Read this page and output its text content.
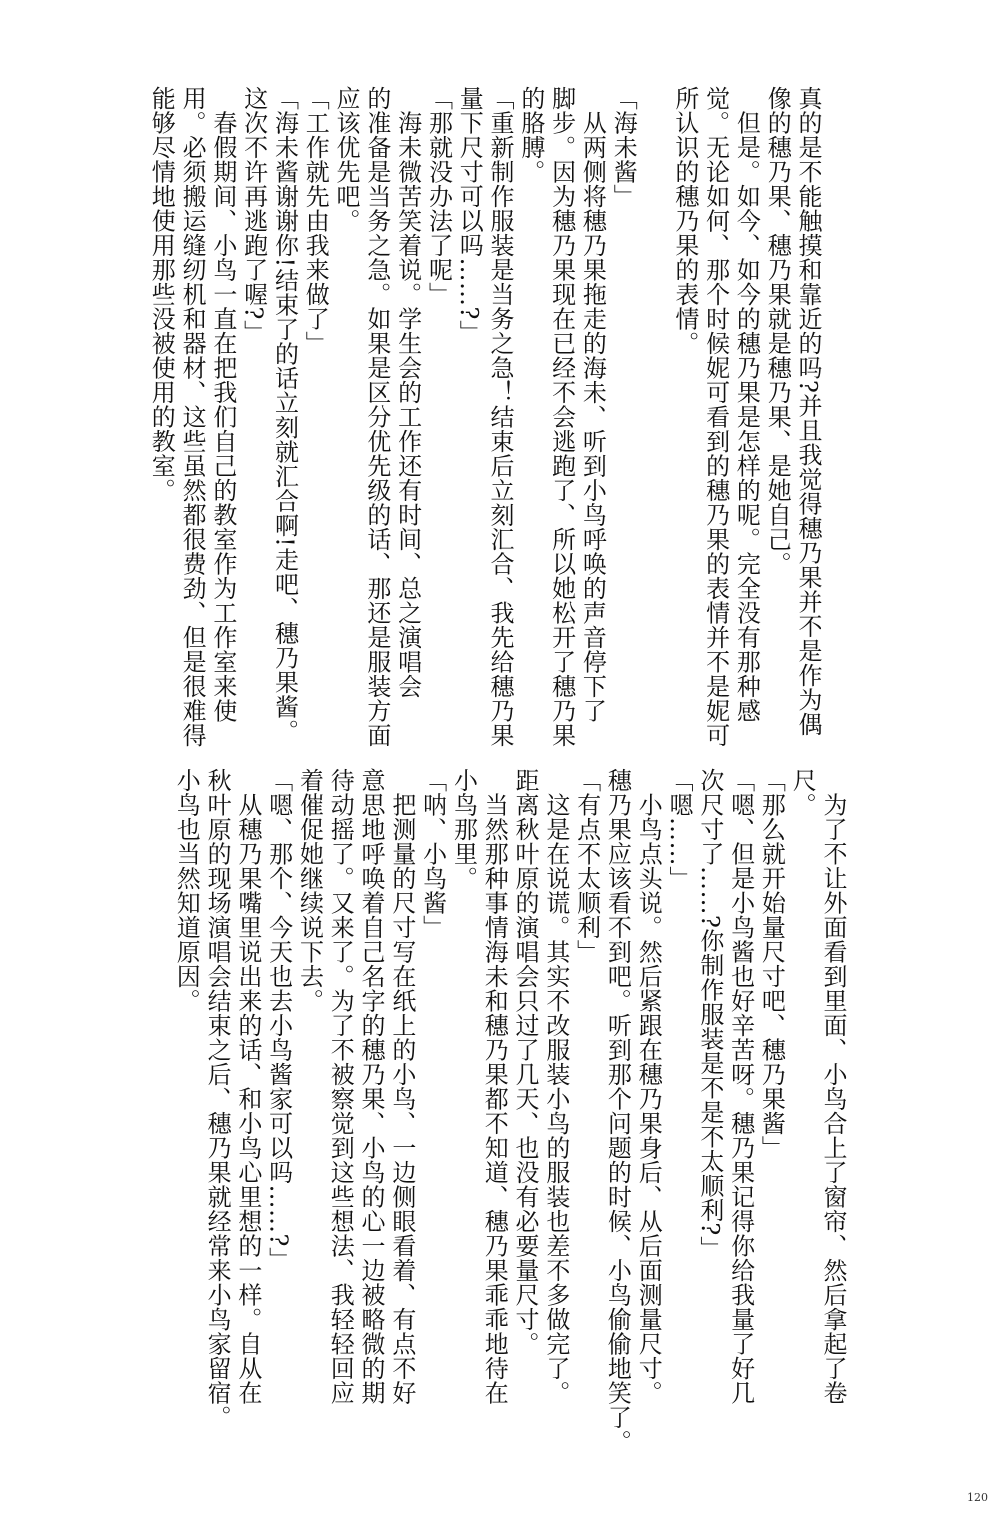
真的是不能触摸和靠近的吗?并且我觉得穗乃果并不是作为偶
像的穗乃果、穗乃果就是穗乃果、是她自己。
　但是。如今、如今的穗乃果是怎样的呢。完全没有那种感
觉。无论如何、那个时候妮可看到的穗乃果的表情并不是妮可
所认识的穗乃果的表情。

「海未酱」
　从两侧将穗乃果拖走的海未、听到小鸟呼唤的声音停下了
脚步。因为穗乃果现在已经不会逃跑了、所以她松开了穗乃果
的胳膊。
「重新制作服装是当务之急！结束后立刻汇合、我先给穗乃果
量下尺寸可以吗……?」
「那就没办法了呢」
　海未微苦笑着说。学生会的工作还有时间、总之演唱会
的准备是当务之急。如果是区分优先级的话、那还是服装方面
应该优先吧。
「工作就先由我来做了」
「海未酱谢谢你!结束了的话立刻就汇合啊!走吧、穗乃果酱。
这次不许再逃跑了喔?」
　春假期间、小鸟一直在把我们自己的教室作为工作室来使
用。必须搬运缝纫机和器材、这些虽然都很费劲、但是很难得
能够尽情地使用那些没被使用的教室。
　为了不让外面看到里面、小鸟合上了窗帘、然后拿起了卷
尺。
「那么就开始量尺寸吧、穗乃果酱」
「嗯、但是小鸟酱也好辛苦呀。穗乃果记得你给我量了好几
次尺寸了……?你制作服装是不是不太顺利?」
「嗯……」
　小鸟点头说。然后紧跟在穗乃果身后、从后面测量尺寸。
穗乃果应该看不到吧。听到那个问题的时候、小鸟偷偷地笑了。
「有点不太顺利」
　这是在说谎。其实不改服装小鸟的服装也差不多做完了。
距离秋叶原的演唱会只过了几天、也没有必要量尺寸。
　当然那种事情海未和穗乃果都不知道、穗乃果乖乖地待在
小鸟那里。
「呐、小鸟酱」
　把测量的尺寸写在纸上的小鸟、一边侧眼看着、有点不好
意思地呼唤着自己名字的穗乃果、小鸟的心一边被略微的期
待动摇了。又来了。为了不被察觉到这些想法、我轻轻回应
着催促她继续说下去。
「嗯、那个、今天也去小鸟酱家可以吗……?」
　从穗乃果嘴里说出来的话、和小鸟心里想的一样。自从在
秋叶原的现场演唱会结束之后、穗乃果就经常来小鸟家留宿。
小鸟也当然知道原因。
120
